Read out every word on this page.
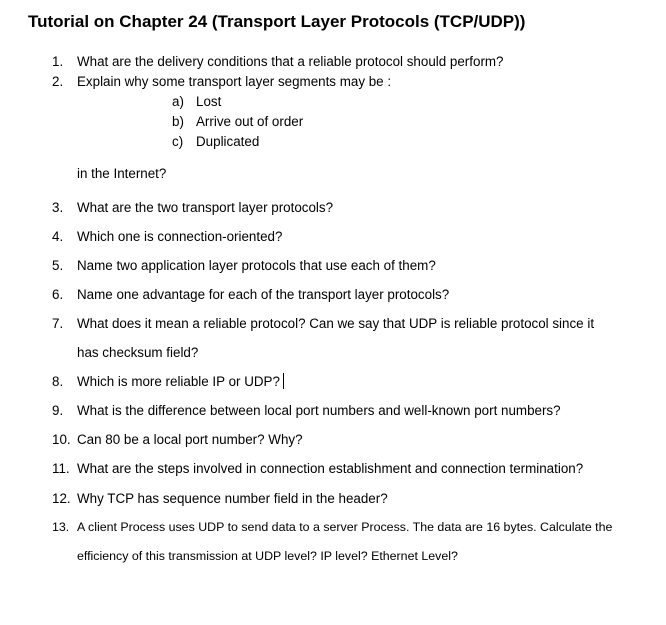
Tutorial on Chapter 24 (Transport Layer Protocols (TCP/UDP))
1. What are the delivery conditions that a reliable protocol should perform?
2. Explain why some transport layer segments may be :
a) Lost
b) Arrive out of order
c) Duplicated
in the Internet?
3. What are the two transport layer protocols?
4. Which one is connection-oriented?
5. Name two application layer protocols that use each of them?
6. Name one advantage for each of the transport layer protocols?
7. What does it mean a reliable protocol? Can we say that UDP is reliable protocol since it
has checksum field?
8. Which is more reliable IP or UDP?
9. What is the difference between local port numbers and well-known port numbers?
10. Can 80 be a local port number? Why?
11. What are the steps involved in connection establishment and connection termination?
12. Why TCP has sequence number field in the header?
13. A client Process uses UDP to send data to a server Process. The data are 16 bytes. Calculate the
efficiency of this transmission at UDP level? IP level? Ethernet Level?
